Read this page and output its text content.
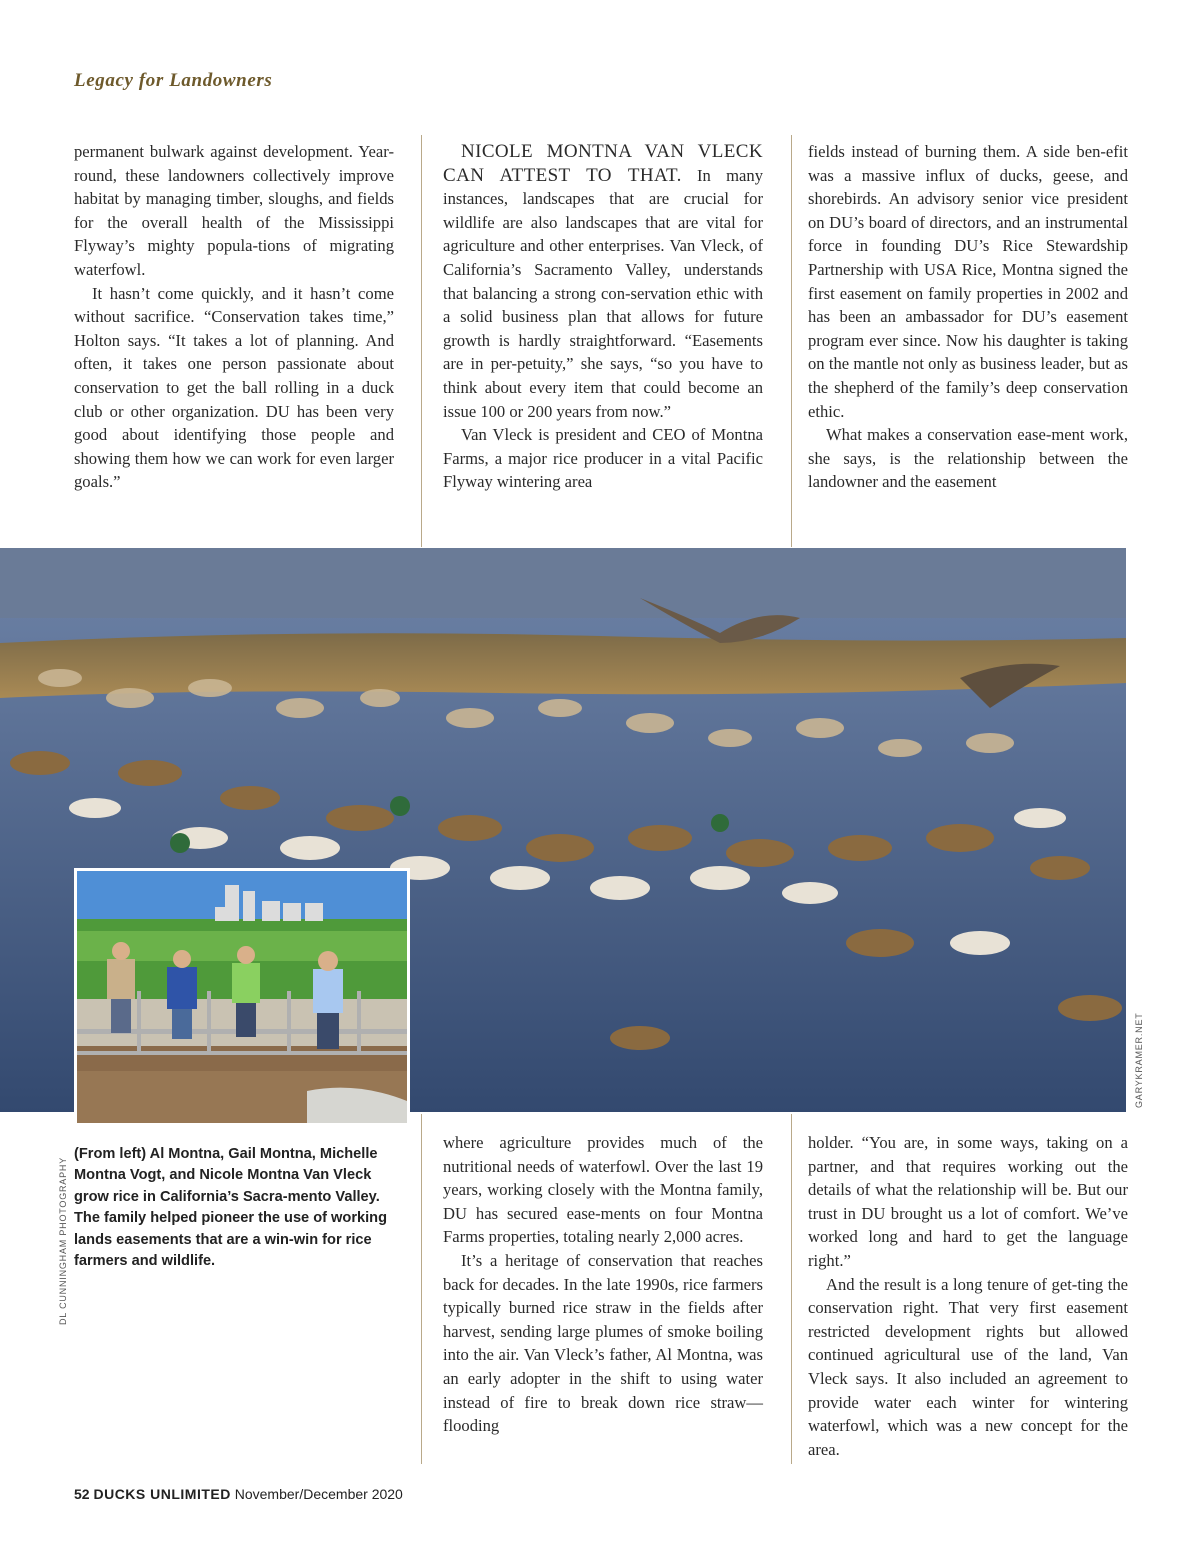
Legacy for Landowners

permanent bulwark against development. Year-round, these landowners collectively improve habitat by managing timber, sloughs, and fields for the overall health of the Mississippi Flyway’s mighty popula-tions of migrating waterfowl.

It hasn’t come quickly, and it hasn’t come without sacrifice. “Conservation takes time,” Holton says. “It takes a lot of planning. And often, it takes one person passionate about conservation to get the ball rolling in a duck club or other organization. DU has been very good about identifying those people and showing them how we can work for even larger goals.”

NICOLE MONTNA VAN VLECK CAN ATTEST TO THAT. In many instances, landscapes that are crucial for wildlife are also landscapes that are vital for agriculture and other enterprises. Van Vleck, of California’s Sacramento Valley, understands that balancing a strong con-servation ethic with a solid business plan that allows for future growth is hardly straightforward. “Easements are in per-petuity,” she says, “so you have to think about every item that could become an issue 100 or 200 years from now.”

Van Vleck is president and CEO of Montna Farms, a major rice producer in a vital Pacific Flyway wintering area

fields instead of burning them. A side ben-efit was a massive influx of ducks, geese, and shorebirds. An advisory senior vice president on DU’s board of directors, and an instrumental force in founding DU’s Rice Stewardship Partnership with USA Rice, Montna signed the first easement on family properties in 2002 and has been an ambassador for DU’s easement program ever since. Now his daughter is taking on the mantle not only as business leader, but as the shepherd of the family’s deep conservation ethic.

What makes a conservation ease-ment work, she says, is the relationship between the landowner and the easement

GARYKRAMER.NET
DL CUNNINGHAM PHOTOGRAPHY
(From left) Al Montna, Gail Montna, Michelle Montna Vogt, and Nicole Montna Van Vleck grow rice in California’s Sacra-mento Valley. The family helped pioneer the use of working lands easements that are a win-win for rice farmers and wildlife.

where agriculture provides much of the nutritional needs of waterfowl. Over the last 19 years, working closely with the Montna family, DU has secured ease-ments on four Montna Farms properties, totaling nearly 2,000 acres.

It’s a heritage of conservation that reaches back for decades. In the late 1990s, rice farmers typically burned rice straw in the fields after harvest, sending large plumes of smoke boiling into the air. Van Vleck’s father, Al Montna, was an early adopter in the shift to using water instead of fire to break down rice straw—flooding

holder. “You are, in some ways, taking on a partner, and that requires working out the details of what the relationship will be. But our trust in DU brought us a lot of comfort. We’ve worked long and hard to get the language right.”

And the result is a long tenure of get-ting the conservation right. That very first easement restricted development rights but allowed continued agricultural use of the land, Van Vleck says. It also included an agreement to provide water each winter for wintering waterfowl, which was a new concept for the area.

52 DUCKS UNLIMITED November/December 2020
